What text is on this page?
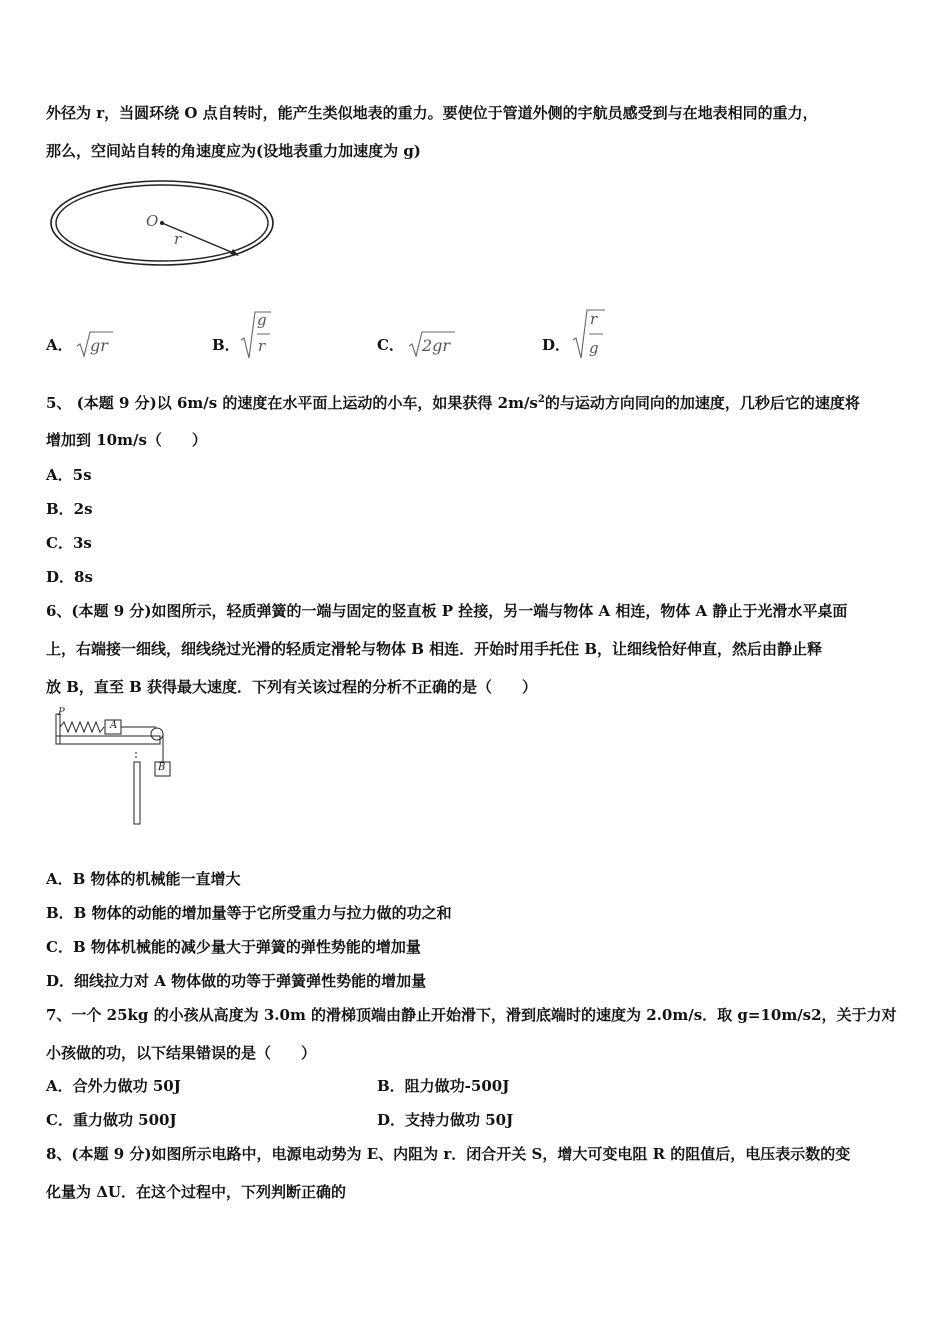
外径为 r，当圆环绕 O 点自转时，能产生类似地表的重力。要使位于管道外侧的宇航员感受到与在地表相同的重力，
那么，空间站自转的角速度应为(设地表重力加速度为 g)
O
r
A． gr	B．
g
r	C． 2gr	D．
r
g
5、 (本题 9 分)以 6m/s 的速度在水平面上运动的小车，如果获得 $2m/s^2$的与运动方向同向的加速度，几秒后它的速度将
增加到 10m/s（　　）
A．5s
B．2s
C．3s
D．8s
6、(本题 9 分)如图所示，轻质弹簧的一端与固定的竖直板 P 拴接，另一端与物体 A 相连，物体 A 静止于光滑水平桌面
上，右端接一细线，细线绕过光滑的轻质定滑轮与物体 B 相连．开始时用手托住 B，让细线恰好伸直，然后由静止释
放 B，直至 B 获得最大速度．下列有关该过程的分析不正确的是（　　）
P
A
B
A．B 物体的机械能一直增大
B．B 物体的动能的增加量等于它所受重力与拉力做的功之和
C．B 物体机械能的减少量大于弹簧的弹性势能的增加量
D．细线拉力对 A 物体做的功等于弹簧弹性势能的增加量
7、一个 25kg 的小孩从高度为 3.0m 的滑梯顶端由静止开始滑下，滑到底端时的速度为 2.0m/s．取 g=10m/s2，关于力对
小孩做的功，以下结果错误的是（　　）
A．合外力做功 50J	B．阻力做功-500J
C．重力做功 500J	D．支持力做功 50J
8、(本题 9 分)如图所示电路中，电源电动势为 E、内阻为 r．闭合开关 S，增大可变电阻 R 的阻值后，电压表示数的变
化量为 ΔU．在这个过程中，下列判断正确的
